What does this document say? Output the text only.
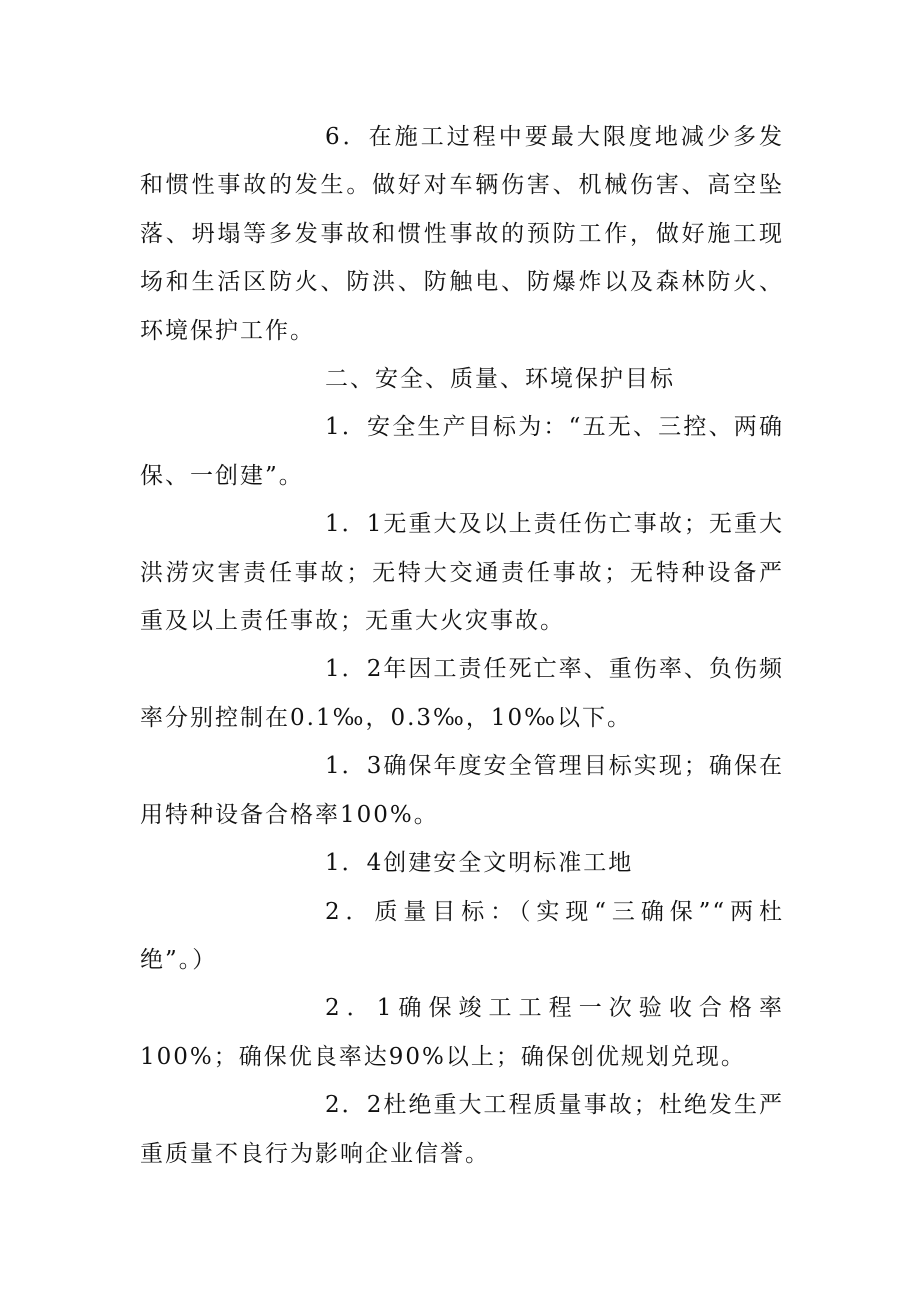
6．在施工过程中要最大限度地减少多发和惯性事故的发生。做好对车辆伤害、机械伤害、高空坠落、坍塌等多发事故和惯性事故的预防工作，做好施工现场和生活区防火、防洪、防触电、防爆炸以及森林防火、环境保护工作。

二、安全、质量、环境保护目标

1．安全生产目标为：“五无、三控、两确保、一创建”。

1．1无重大及以上责任伤亡事故；无重大洪涝灾害责任事故；无特大交通责任事故；无特种设备严重及以上责任事故；无重大火灾事故。

1．2年因工责任死亡率、重伤率、负伤频率分别控制在0.1‰，0.3‰，10‰以下。

1．3确保年度安全管理目标实现；确保在用特种设备合格率100%。

1．4创建安全文明标准工地

2．质量目标：（实现“三确保”“两杜绝”。）

2．1确保竣工工程一次验收合格率100%；确保优良率达90%以上；确保创优规划兑现。

2．2杜绝重大工程质量事故；杜绝发生严重质量不良行为影响企业信誉。
